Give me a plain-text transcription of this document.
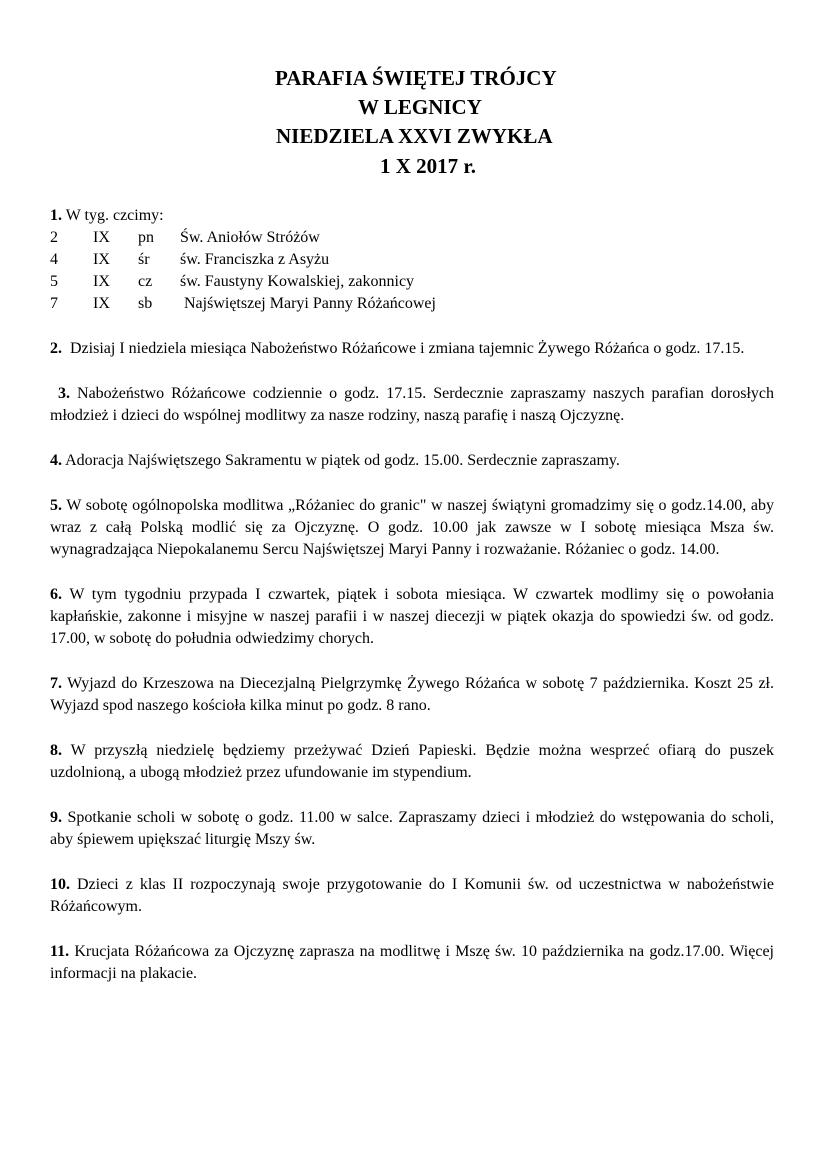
PARAFIA ŚWIĘTEJ TRÓJCY
W LEGNICY
NIEDZIELA XXVI ZWYKŁA
1 X 2017 r.

1. W tyg. czcimy:

2	IX	pn	Św. Aniołów Stróżów
4	IX	śr	św. Franciszka z Asyżu
5	IX	cz	św. Faustyny Kowalskiej, zakonnicy
7	IX	sb	Najświętszej Maryi Panny Różańcowej

2.  Dzisiaj I niedziela miesiąca Nabożeństwo Różańcowe i zmiana tajemnic Żywego Różańca o godz. 17.15.

3. Nabożeństwo Różańcowe codziennie o godz. 17.15. Serdecznie zapraszamy naszych parafian dorosłych młodzież i dzieci do wspólnej modlitwy za nasze rodziny, naszą parafię i naszą Ojczyznę.

4. Adoracja Najświętszego Sakramentu w piątek od godz. 15.00. Serdecznie zapraszamy.

5. W sobotę ogólnopolska modlitwa „Różaniec do granic" w naszej świątyni gromadzimy się o godz.14.00, aby wraz z całą Polską modlić się za Ojczyznę. O godz. 10.00 jak zawsze w I sobotę miesiąca Msza św. wynagradzająca Niepokalanemu Sercu Najświętszej Maryi Panny i rozważanie. Różaniec o godz. 14.00.

6. W tym tygodniu przypada I czwartek, piątek i sobota miesiąca. W czwartek modlimy się o powołania kapłańskie, zakonne i misyjne w naszej parafii i w naszej diecezji w piątek okazja do spowiedzi św. od godz. 17.00, w sobotę do południa odwiedzimy chorych.

7. Wyjazd do Krzeszowa na Diecezjalną Pielgrzymkę Żywego Różańca w sobotę 7 października. Koszt 25 zł. Wyjazd spod naszego kościoła kilka minut po godz. 8 rano.

8. W przyszłą niedzielę będziemy przeżywać Dzień Papieski. Będzie można wesprzeć ofiarą do puszek uzdolnioną, a ubogą młodzież przez ufundowanie im stypendium.

9. Spotkanie scholi w sobotę o godz. 11.00 w salce. Zapraszamy dzieci i młodzież do wstępowania do scholi, aby śpiewem upiększać liturgię Mszy św.

10. Dzieci z klas II rozpoczynają swoje przygotowanie do I Komunii św. od uczestnictwa w nabożeństwie Różańcowym.

11. Krucjata Różańcowa za Ojczyznę zaprasza na modlitwę i Mszę św. 10 października na godz.17.00. Więcej informacji na plakacie.
